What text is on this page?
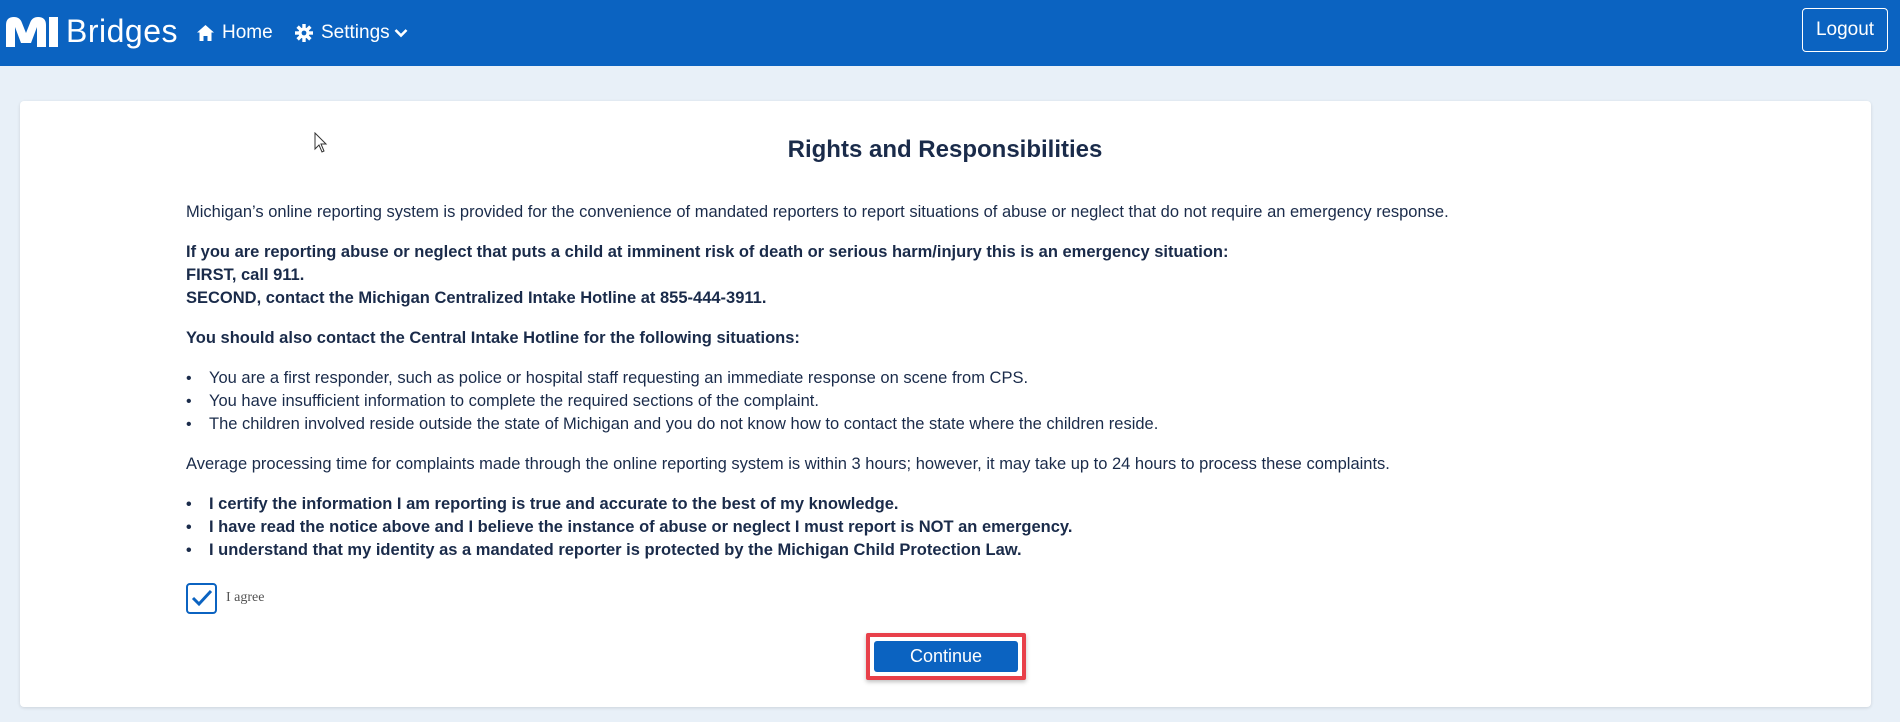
Bridges Home	Settings	Logout
Rights and Responsibilities

Michigan’s online reporting system is provided for the convenience of mandated reporters to report situations of abuse or neglect that do not require an emergency response.

If you are reporting abuse or neglect that puts a child at imminent risk of death or serious harm/injury this is an emergency situation:

FIRST, call 911.

SECOND, contact the Michigan Centralized Intake Hotline at 855-444-3911.

You should also contact the Central Intake Hotline for the following situations:

• You are a first responder, such as police or hospital staff requesting an immediate response on scene from CPS.
• You have insufficient information to complete the required sections of the complaint.
• The children involved reside outside the state of Michigan and you do not know how to contact the state where the children reside.

Average processing time for complaints made through the online reporting system is within 3 hours; however, it may take up to 24 hours to process these complaints.

• I certify the information I am reporting is true and accurate to the best of my knowledge.
• I have read the notice above and I believe the instance of abuse or neglect I must report is NOT an emergency.
• I understand that my identity as a mandated reporter is protected by the Michigan Child Protection Law.
I agree
Continue
